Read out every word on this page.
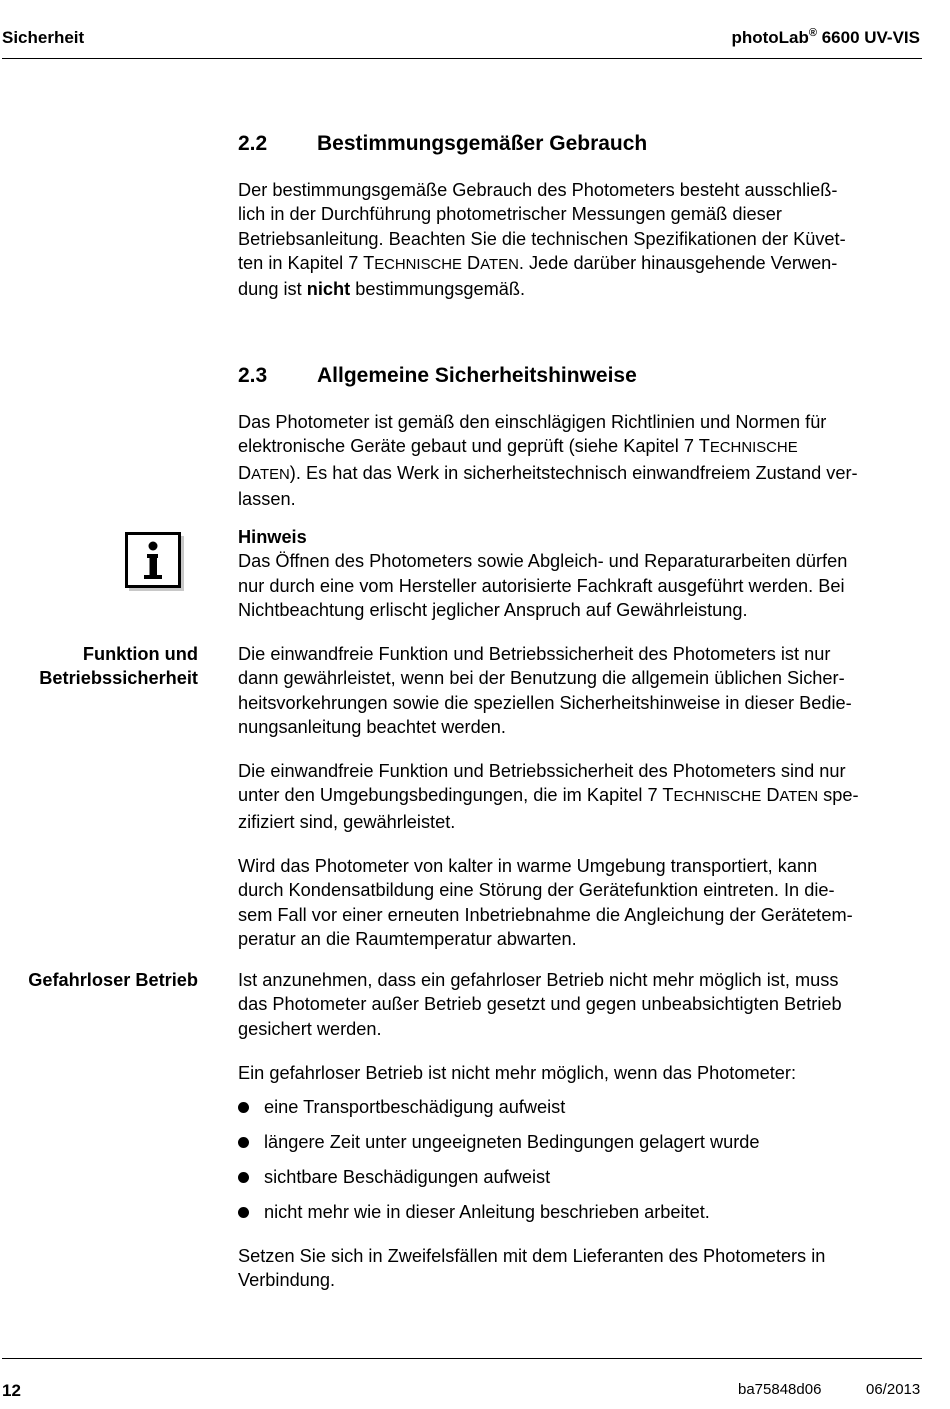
Sicherheit	photoLab® 6600 UV-VIS
2.2 Bestimmungsgemäßer Gebrauch
Der bestimmungsgemäße Gebrauch des Photometers besteht ausschließ-
lich in der Durchführung photometrischer Messungen gemäß dieser
Betriebsanleitung. Beachten Sie die technischen Spezifikationen der Küvet-
ten in Kapitel 7 TECHNISCHE DATEN. Jede darüber hinausgehende Verwen-
dung ist nicht bestimmungsgemäß.
2.3 Allgemeine Sicherheitshinweise
Das Photometer ist gemäß den einschlägigen Richtlinien und Normen für
elektronische Geräte gebaut und geprüft (siehe Kapitel 7 TECHNISCHE
DATEN). Es hat das Werk in sicherheitstechnisch einwandfreiem Zustand ver-
lassen.
Hinweis
Das Öffnen des Photometers sowie Abgleich- und Reparaturarbeiten dürfen
nur durch eine vom Hersteller autorisierte Fachkraft ausgeführt werden. Bei
Nichtbeachtung erlischt jeglicher Anspruch auf Gewährleistung.
Funktion und
Betriebssicherheit
Die einwandfreie Funktion und Betriebssicherheit des Photometers ist nur
dann gewährleistet, wenn bei der Benutzung die allgemein üblichen Sicher-
heitsvorkehrungen sowie die speziellen Sicherheitshinweise in dieser Bedie-
nungsanleitung beachtet werden.
Die einwandfreie Funktion und Betriebssicherheit des Photometers sind nur
unter den Umgebungsbedingungen, die im Kapitel 7 TECHNISCHE DATEN spe-
zifiziert sind, gewährleistet.
Wird das Photometer von kalter in warme Umgebung transportiert, kann
durch Kondensatbildung eine Störung der Gerätefunktion eintreten. In die-
sem Fall vor einer erneuten Inbetriebnahme die Angleichung der Gerätetem-
peratur an die Raumtemperatur abwarten.
Gefahrloser Betrieb Ist anzunehmen, dass ein gefahrloser Betrieb nicht mehr möglich ist, muss
das Photometer außer Betrieb gesetzt und gegen unbeabsichtigten Betrieb
gesichert werden.
Ein gefahrloser Betrieb ist nicht mehr möglich, wenn das Photometer:
eine Transportbeschädigung aufweist
längere Zeit unter ungeeigneten Bedingungen gelagert wurde
sichtbare Beschädigungen aufweist
nicht mehr wie in dieser Anleitung beschrieben arbeitet.
Setzen Sie sich in Zweifelsfällen mit dem Lieferanten des Photometers in
Verbindung.
12	ba75848d06	06/2013
